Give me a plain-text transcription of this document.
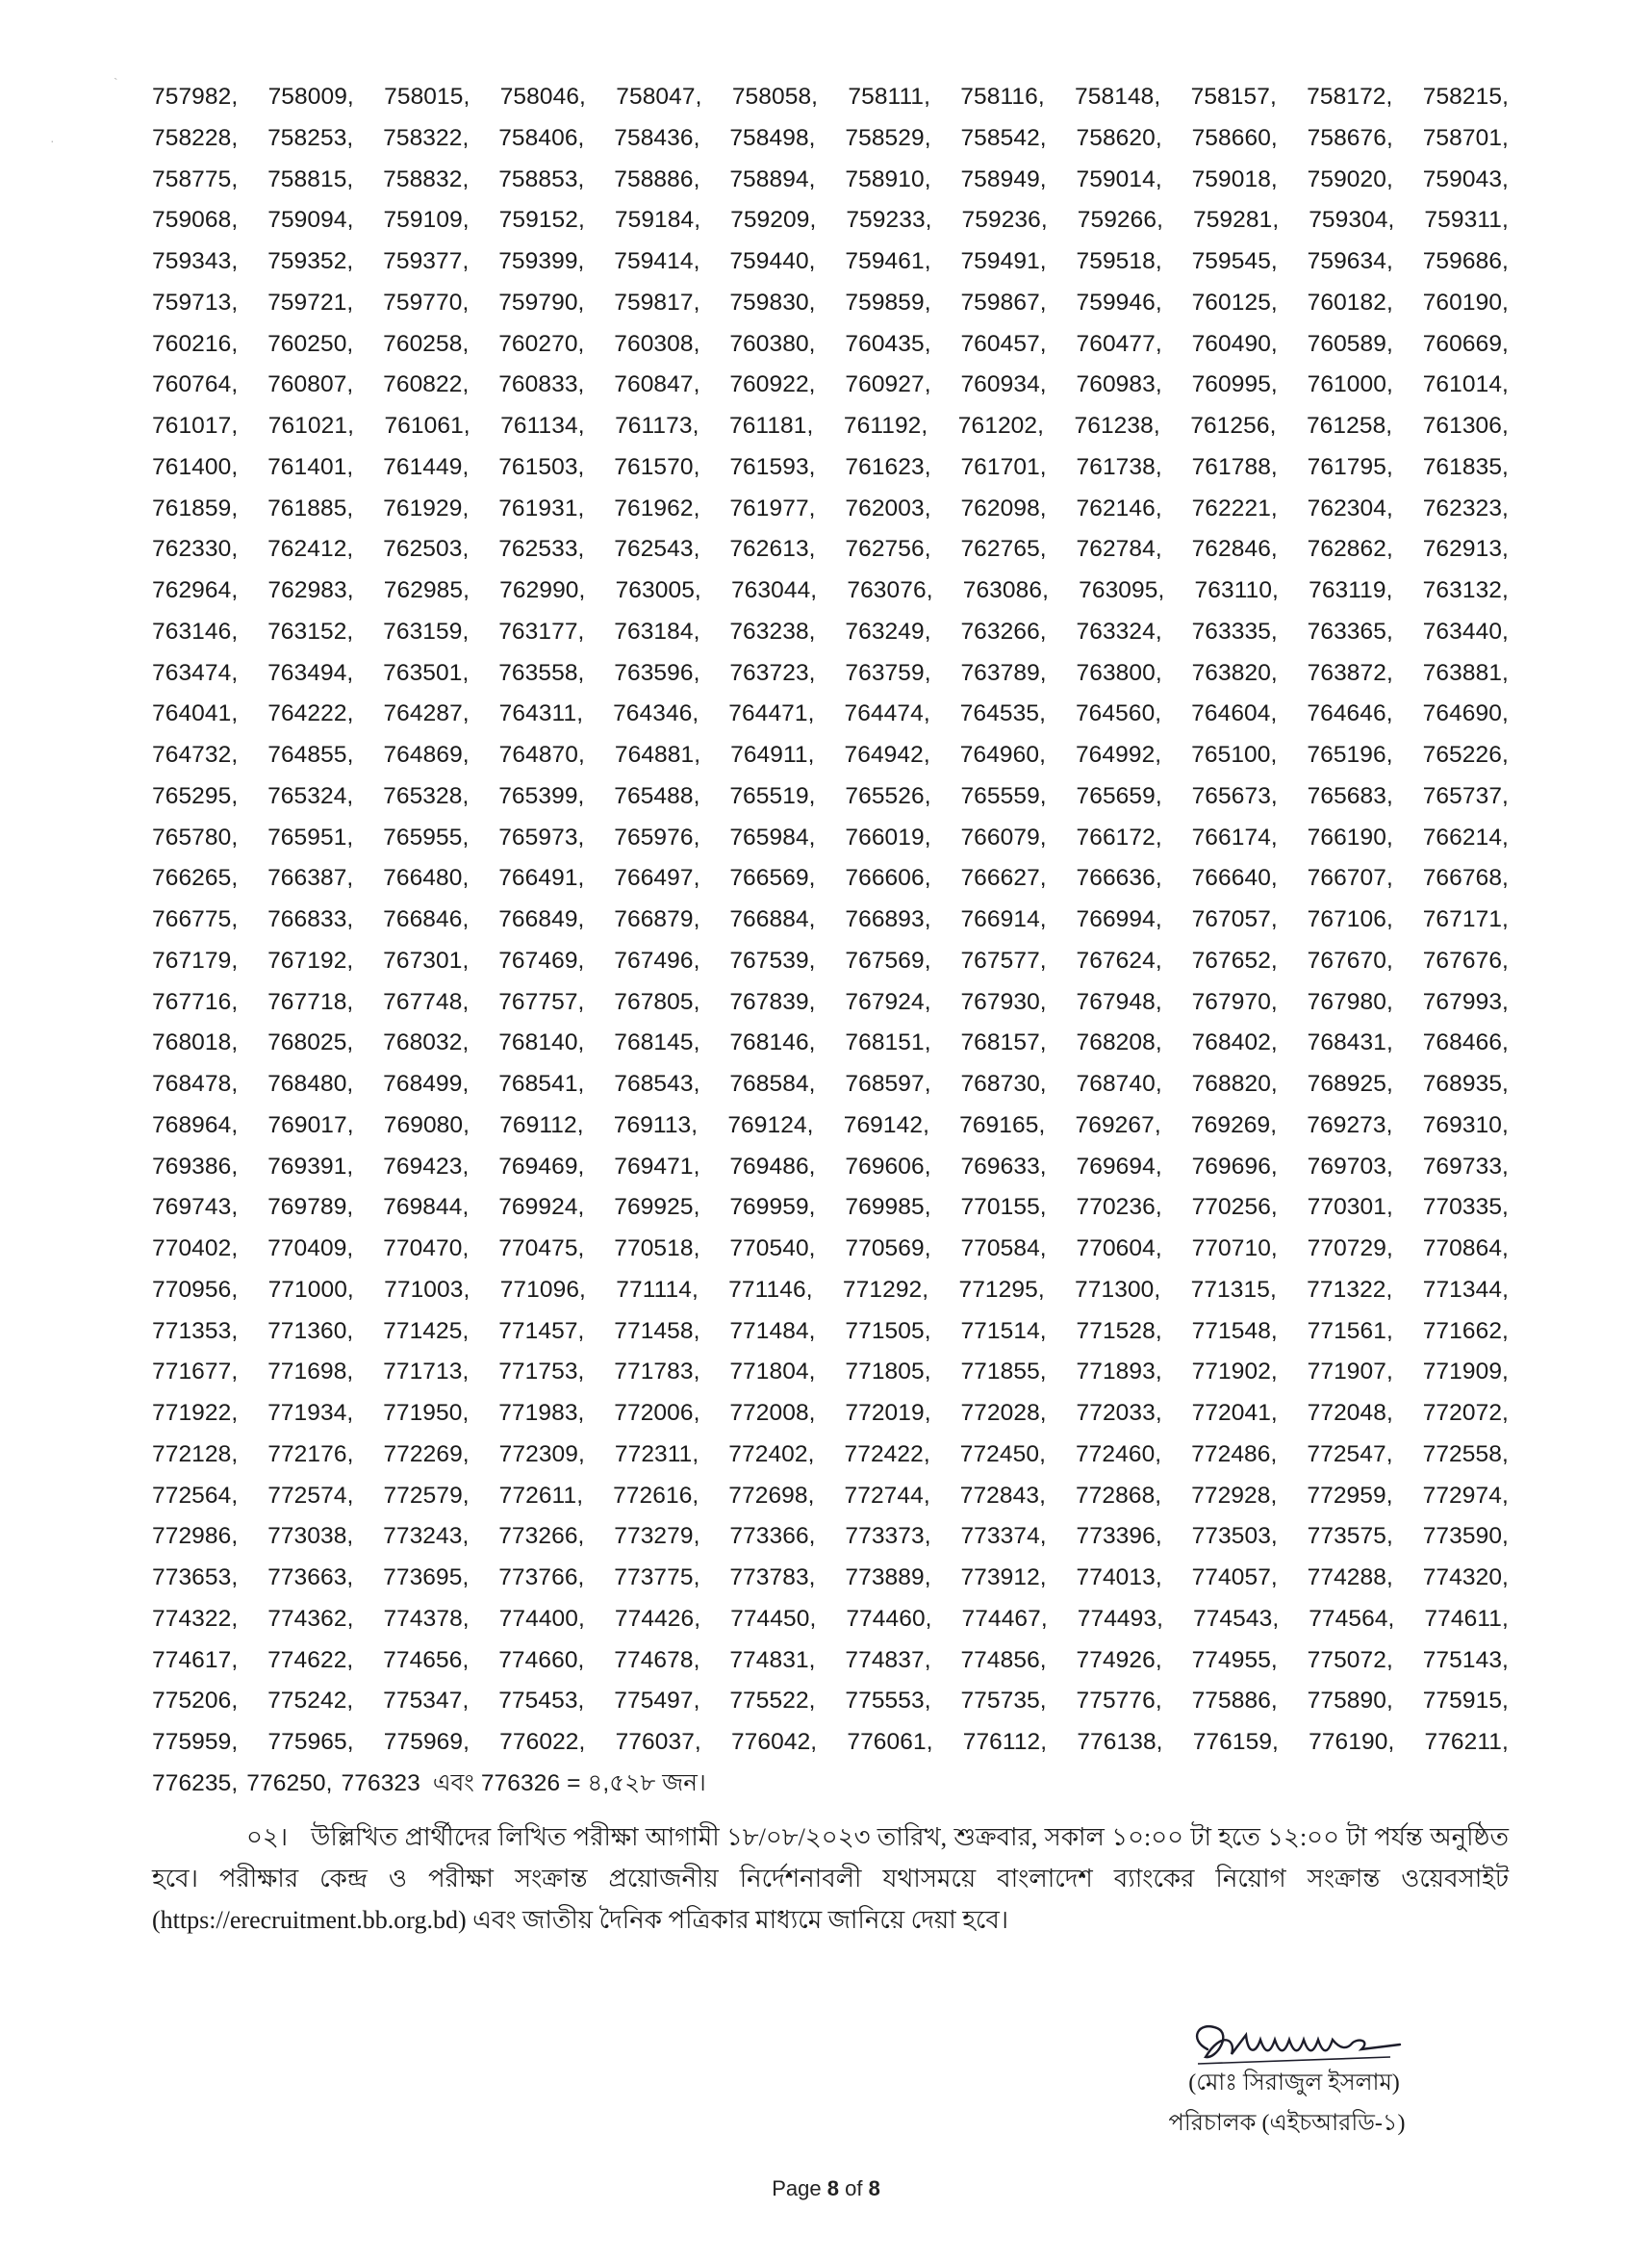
`
·
757982, 758009, 758015, 758046, 758047, 758058, 758111, 758116, 758148, 758157, 758172, 758215,
758228, 758253, 758322, 758406, 758436, 758498, 758529, 758542, 758620, 758660, 758676, 758701,
758775, 758815, 758832, 758853, 758886, 758894, 758910, 758949, 759014, 759018, 759020, 759043,
759068, 759094, 759109, 759152, 759184, 759209, 759233, 759236, 759266, 759281, 759304, 759311,
759343, 759352, 759377, 759399, 759414, 759440, 759461, 759491, 759518, 759545, 759634, 759686,
759713, 759721, 759770, 759790, 759817, 759830, 759859, 759867, 759946, 760125, 760182, 760190,
760216, 760250, 760258, 760270, 760308, 760380, 760435, 760457, 760477, 760490, 760589, 760669,
760764, 760807, 760822, 760833, 760847, 760922, 760927, 760934, 760983, 760995, 761000, 761014,
761017, 761021, 761061, 761134, 761173, 761181, 761192, 761202, 761238, 761256, 761258, 761306,
761400, 761401, 761449, 761503, 761570, 761593, 761623, 761701, 761738, 761788, 761795, 761835,
761859, 761885, 761929, 761931, 761962, 761977, 762003, 762098, 762146, 762221, 762304, 762323,
762330, 762412, 762503, 762533, 762543, 762613, 762756, 762765, 762784, 762846, 762862, 762913,
762964, 762983, 762985, 762990, 763005, 763044, 763076, 763086, 763095, 763110, 763119, 763132,
763146, 763152, 763159, 763177, 763184, 763238, 763249, 763266, 763324, 763335, 763365, 763440,
763474, 763494, 763501, 763558, 763596, 763723, 763759, 763789, 763800, 763820, 763872, 763881,
764041, 764222, 764287, 764311, 764346, 764471, 764474, 764535, 764560, 764604, 764646, 764690,
764732, 764855, 764869, 764870, 764881, 764911, 764942, 764960, 764992, 765100, 765196, 765226,
765295, 765324, 765328, 765399, 765488, 765519, 765526, 765559, 765659, 765673, 765683, 765737,
765780, 765951, 765955, 765973, 765976, 765984, 766019, 766079, 766172, 766174, 766190, 766214,
766265, 766387, 766480, 766491, 766497, 766569, 766606, 766627, 766636, 766640, 766707, 766768,
766775, 766833, 766846, 766849, 766879, 766884, 766893, 766914, 766994, 767057, 767106, 767171,
767179, 767192, 767301, 767469, 767496, 767539, 767569, 767577, 767624, 767652, 767670, 767676,
767716, 767718, 767748, 767757, 767805, 767839, 767924, 767930, 767948, 767970, 767980, 767993,
768018, 768025, 768032, 768140, 768145, 768146, 768151, 768157, 768208, 768402, 768431, 768466,
768478, 768480, 768499, 768541, 768543, 768584, 768597, 768730, 768740, 768820, 768925, 768935,
768964, 769017, 769080, 769112, 769113, 769124, 769142, 769165, 769267, 769269, 769273, 769310,
769386, 769391, 769423, 769469, 769471, 769486, 769606, 769633, 769694, 769696, 769703, 769733,
769743, 769789, 769844, 769924, 769925, 769959, 769985, 770155, 770236, 770256, 770301, 770335,
770402, 770409, 770470, 770475, 770518, 770540, 770569, 770584, 770604, 770710, 770729, 770864,
770956, 771000, 771003, 771096, 771114, 771146, 771292, 771295, 771300, 771315, 771322, 771344,
771353, 771360, 771425, 771457, 771458, 771484, 771505, 771514, 771528, 771548, 771561, 771662,
771677, 771698, 771713, 771753, 771783, 771804, 771805, 771855, 771893, 771902, 771907, 771909,
771922, 771934, 771950, 771983, 772006, 772008, 772019, 772028, 772033, 772041, 772048, 772072,
772128, 772176, 772269, 772309, 772311, 772402, 772422, 772450, 772460, 772486, 772547, 772558,
772564, 772574, 772579, 772611, 772616, 772698, 772744, 772843, 772868, 772928, 772959, 772974,
772986, 773038, 773243, 773266, 773279, 773366, 773373, 773374, 773396, 773503, 773575, 773590,
773653, 773663, 773695, 773766, 773775, 773783, 773889, 773912, 774013, 774057, 774288, 774320,
774322, 774362, 774378, 774400, 774426, 774450, 774460, 774467, 774493, 774543, 774564, 774611,
774617, 774622, 774656, 774660, 774678, 774831, 774837, 774856, 774926, 774955, 775072, 775143,
775206, 775242, 775347, 775453, 775497, 775522, 775553, 775735, 775776, 775886, 775890, 775915,
775959, 775965, 775969, 776022, 776037, 776042, 776061, 776112, 776138, 776159, 776190, 776211,
776235, 776250, 776323 এবং 776326 = ৪,৫২৮ জন।
০২। উল্লিখিত প্রার্থীদের লিখিত পরীক্ষা আগামী ১৮/০৮/২০২৩ তারিখ, শুক্রবার, সকাল ১০:০০ টা হতে ১২:০০ টা পর্যন্ত অনুষ্ঠিত হবে। পরীক্ষার কেন্দ্র ও পরীক্ষা সংক্রান্ত প্রয়োজনীয় নির্দেশনাবলী যথাসময়ে বাংলাদেশ ব্যাংকের নিয়োগ সংক্রান্ত ওয়েবসাইট (https://erecruitment.bb.org.bd) এবং জাতীয় দৈনিক পত্রিকার মাধ্যমে জানিয়ে দেয়া হবে।
(মোঃ সিরাজুল ইসলাম)
পরিচালক (এইচআরডি-১)
Page 8 of 8
